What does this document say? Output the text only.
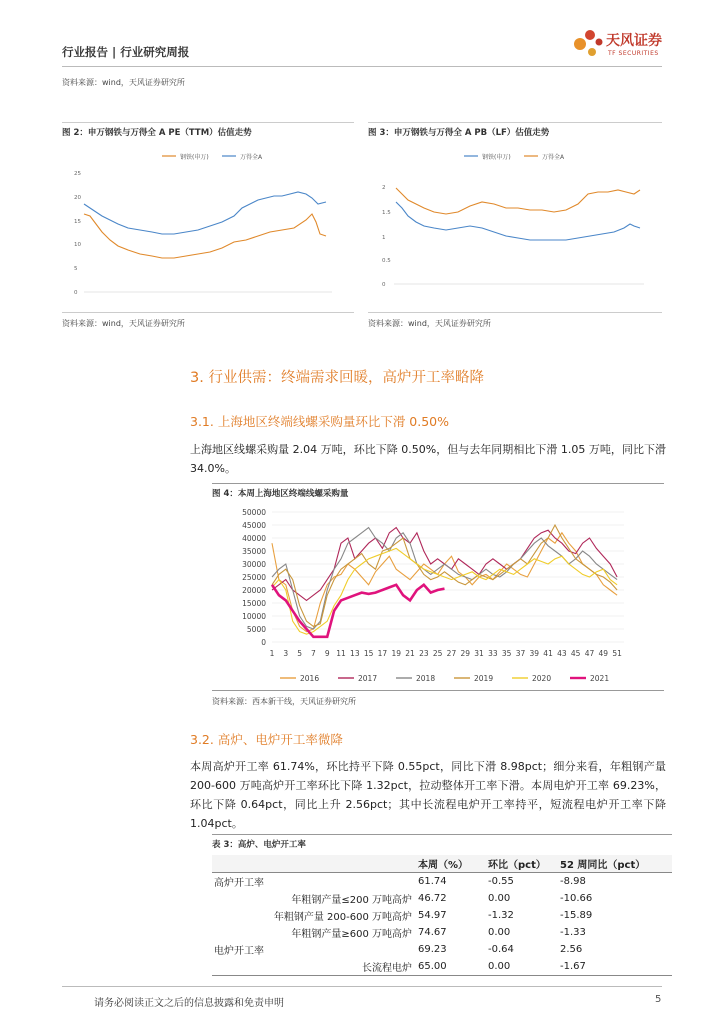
行业报告 | 行业研究周报
天风证券
TF SECURITIES
资料来源：wind，天风证券研究所
图 2：申万钢铁与万得全 A PE（TTM）估值走势
钢铁(申万)	万得全A
25
20
15
10
5
0
资料来源：wind，天风证券研究所
图 3：申万钢铁与万得全 A PB（LF）估值走势
钢铁(申万)	万得全A
2
1.5
1
0.5
0
资料来源：wind，天风证券研究所
3. 行业供需：终端需求回暖，高炉开工率略降
3.1. 上海地区终端线螺采购量环比下滑 0.50%
上海地区线螺采购量 2.04 万吨，环比下降 0.50%，但与去年同期相比下滑 1.05 万吨，同比下滑 34.0%。
图 4：本周上海地区终端线螺采购量
50000
45000
40000
35000
30000
25000
20000
15000
10000
5000
0
1 3 5 7 9 11 13 15 17 19 21 23 25 27 29 31 33 35 37 39 41 43 45 47 49 51
2016	2017	2018	2019	2020	2021
资料来源：西本新干线，天风证券研究所
3.2. 高炉、电炉开工率微降
本周高炉开工率 61.74%，环比持平下降 0.55pct，同比下滑 8.98pct；细分来看，年粗钢产量 200-600 万吨高炉开工率环比下降 1.32pct，拉动整体开工率下滑。本周电炉开工率 69.23%，环比下降 0.64pct，同比上升 2.56pct；其中长流程电炉开工率持平，短流程电炉开工率下降 1.04pct。
表 3：高炉、电炉开工率
	本周（%）	环比（pct）	52 周同比（pct）
高炉开工率	61.74	-0.55	-8.98
年粗钢产量≤200 万吨高炉	46.72	0.00	-10.66
年粗钢产量 200-600 万吨高炉	54.97	-1.32	-15.89
年粗钢产量≥600 万吨高炉	74.67	0.00	-1.33
电炉开工率	69.23	-0.64	2.56
长流程电炉	65.00	0.00	-1.67
请务必阅读正文之后的信息披露和免责申明	5
